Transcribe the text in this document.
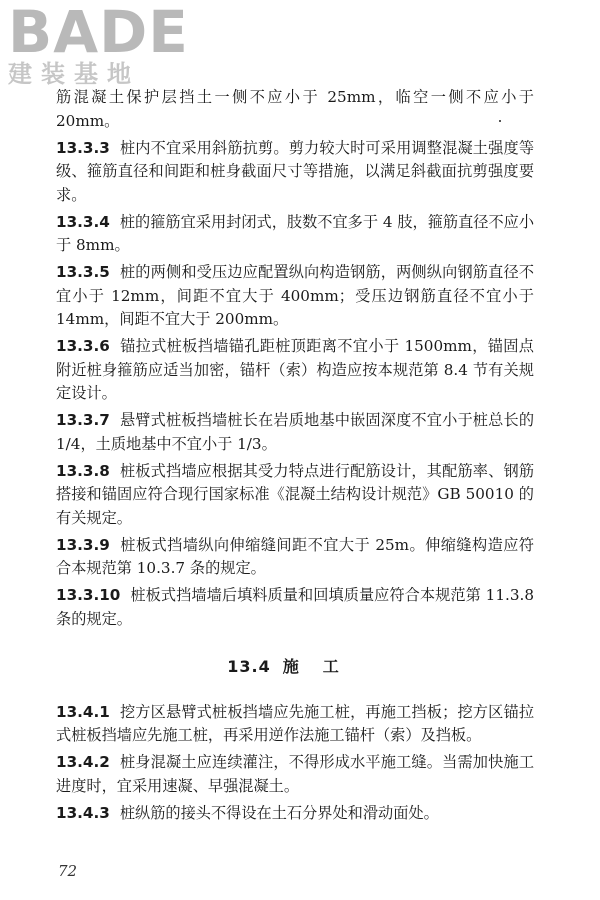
BADE
建装基地

筋混凝土保护层挡土一侧不应小于 25mm，临空一侧不应小于 20mm。

13.3.3 桩内不宜采用斜筋抗剪。剪力较大时可采用调整混凝土强度等级、箍筋直径和间距和桩身截面尺寸等措施，以满足斜截面抗剪强度要求。

13.3.4 桩的箍筋宜采用封闭式，肢数不宜多于 4 肢，箍筋直径不应小于 8mm。

13.3.5 桩的两侧和受压边应配置纵向构造钢筋，两侧纵向钢筋直径不宜小于 12mm，间距不宜大于 400mm；受压边钢筋直径不宜小于 14mm，间距不宜大于 200mm。

13.3.6 锚拉式桩板挡墙锚孔距桩顶距离不宜小于 1500mm，锚固点附近桩身箍筋应适当加密，锚杆（索）构造应按本规范第 8.4 节有关规定设计。

13.3.7 悬臂式桩板挡墙桩长在岩质地基中嵌固深度不宜小于桩总长的 1/4，土质地基中不宜小于 1/3。

13.3.8 桩板式挡墙应根据其受力特点进行配筋设计，其配筋率、钢筋搭接和锚固应符合现行国家标准《混凝土结构设计规范》GB 50010 的有关规定。

13.3.9 桩板式挡墙纵向伸缩缝间距不宜大于 25m。伸缩缝构造应符合本规范第 10.3.7 条的规定。

13.3.10 桩板式挡墙墙后填料质量和回填质量应符合本规范第 11.3.8 条的规定。

13.4 施工

13.4.1 挖方区悬臂式桩板挡墙应先施工桩，再施工挡板；挖方区锚拉式桩板挡墙应先施工桩，再采用逆作法施工锚杆（索）及挡板。

13.4.2 桩身混凝土应连续灌注，不得形成水平施工缝。当需加快施工进度时，宜采用速凝、早强混凝土。

13.4.3 桩纵筋的接头不得设在土石分界处和滑动面处。

72
